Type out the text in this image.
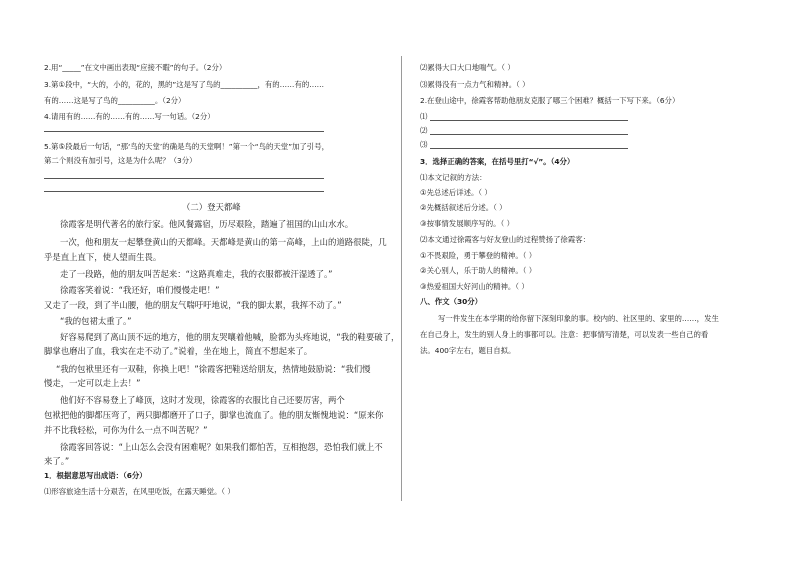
2.用“_____”在文中画出表现“应接不暇”的句子。（2分）
3.第①段中，“大的，小的，花的，黑的”这是写了鸟的__________，有的……有的……
有的……这是写了鸟的__________。（2分）
4.请用有的……有的……有的……写一句话。（2分）
5.第⑤段最后一句话，“那‘鸟的天堂’的确是鸟的天堂啊！”第一个“鸟的天堂”加了引号，
第二个则没有加引号，这是为什么呢？（3分）
（二）登天都峰
徐霞客是明代著名的旅行家。他风餐露宿，历尽艰险，踏遍了祖国的山山水水。
一次，他和朋友一起攀登黄山的天都峰。天都峰是黄山的第一高峰，上山的道路很陡，几
乎是直上直下，使人望而生畏。
走了一段路，他的朋友叫苦起来：“这路真难走，我的衣服都被汗湿透了。”
徐霞客笑着说：“我还好，咱们慢慢走吧！”
又走了一段，到了半山腰，他的朋友气喘吁吁地说，“我的脚太累，我挥不动了。”
“我的包裙太重了。”
好容易爬到了离山顶不远的地方，他的朋友哭嚷着他喊，脸都为头疼地说，“我的鞋要破了，
脚掌也磨出了血，我实在走不动了。”说着，坐在地上，简直不想起来了。
“我的包袱里还有一双鞋，你换上吧！”徐霞客把鞋送给朋友，热情地鼓励说：“我们慢
慢走，一定可以走上去！”
他们好不容易登上了峰顶，这时才发现，徐霞客的衣服比自己还要厉害，两个
包袱把他的脚都压弯了，两只脚都磨开了口子，脚掌也流血了。他的朋友惭愧地说：“原来你
并不比我轻松，可你为什么一点不叫苦呢？”
徐霞客回答说：“上山怎么会没有困难呢？如果我们都怕苦，互相抱怨，恐怕我们就上不
来了。”
1．根据意思写出成语：（6分）
⑴形容旅途生活十分艰苦，在风里吃饭，在露天睡觉。（ ）
⑵累得大口大口地喘气。（ ）
⑶累得没有一点力气和精神。（ ）
2.在登山途中，徐霞客帮助他朋友克服了哪三个困难？概括一下写下来。（6分）
⑴
⑵
⑶
3．选择正确的答案，在括号里打“√”。（4分）
⑴本文记叙的方法：
①先总述后详述。（ ）
②先概括叙述后分述。（ ）
③按事情发展顺序写的。（ ）
⑵本文通过徐霞客与好友登山的过程赞扬了徐霞客：
①不畏艰险，勇于攀登的精神。（ ）
②关心别人，乐于助人的精神。（ ）
③热爱祖国大好河山的精神。（ ）
八、作文（30分）
写一件发生在本学期的给你留下深刻印象的事。校内的、社区里的、家里的……，发生
在自己身上，发生的别人身上的事都可以。注意：把事情写清楚，可以发表一些自己的看
法。400字左右，题目自拟。
